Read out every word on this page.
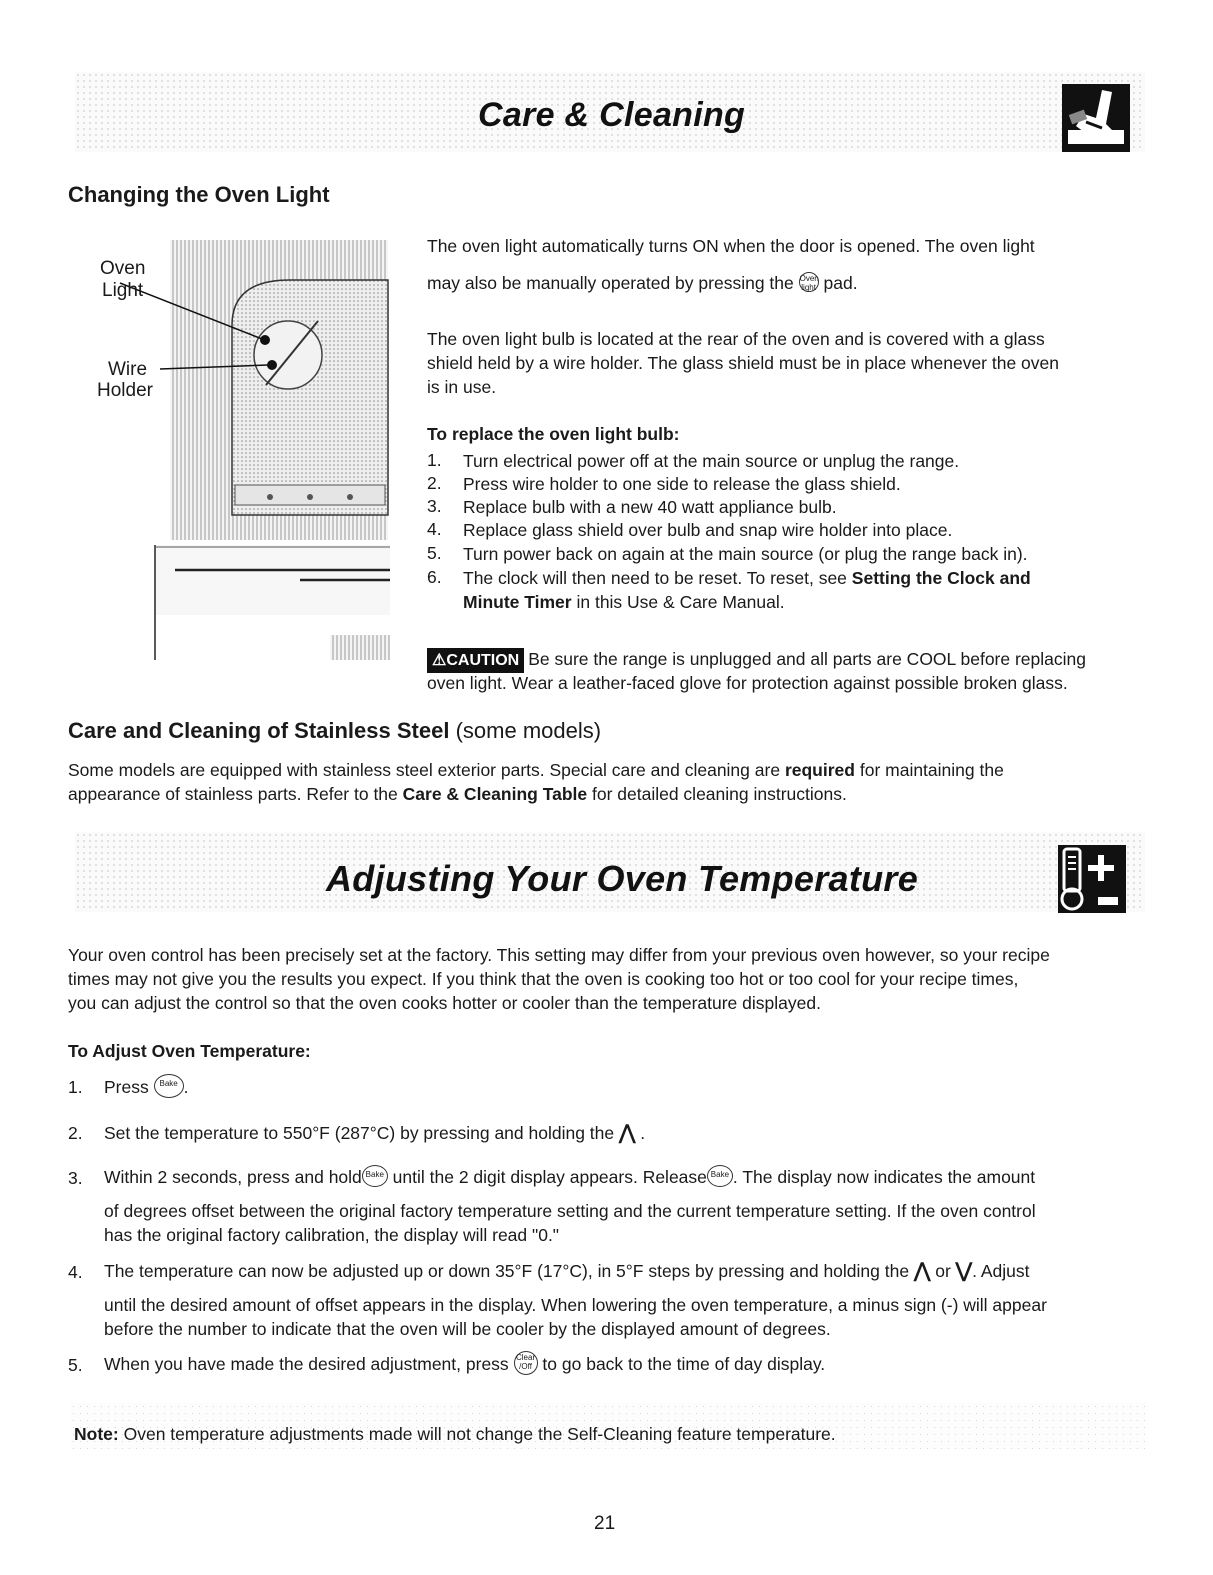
Care & Cleaning
Changing the Oven Light
Oven
Light
Wire
Holder
The oven light automatically turns ON when the door is opened. The oven light
may also be manually operated by pressing the Oven
light pad.
The oven light bulb is located at the rear of the oven and is covered with a glass
shield held by a wire holder. The glass shield must be in place whenever the oven
is in use.
To replace the oven light bulb:
1. Turn electrical power off at the main source or unplug the range.
2. Press wire holder to one side to release the glass shield.
3. Replace bulb with a new 40 watt appliance bulb.
4. Replace glass shield over bulb and snap wire holder into place.
5. Turn power back on again at the main source (or plug the range back in).
6. The clock will then need to be reset. To reset, see Setting the Clock and
Minute Timer in this Use & Care Manual.
⚠CAUTION Be sure the range is unplugged and all parts are COOL before replacing
oven light. Wear a leather-faced glove for protection against possible broken glass.
Care and Cleaning of Stainless Steel (some models)
Some models are equipped with stainless steel exterior parts. Special care and cleaning are required for maintaining the
appearance of stainless parts. Refer to the Care & Cleaning Table for detailed cleaning instructions.
Adjusting Your Oven Temperature
Your oven control has been precisely set at the factory. This setting may differ from your previous oven however, so your recipe
times may not give you the results you expect. If you think that the oven is cooking too hot or too cool for your recipe times,
you can adjust the control so that the oven cooks hotter or cooler than the temperature displayed.
To Adjust Oven Temperature:
1. Press Bake .
2. Set the temperature to 550°F (287°C) by pressing and holding the ⋀ .
3. Within 2 seconds, press and hold Bake until the 2 digit display appears. Release Bake . The display now indicates the amount
of degrees offset between the original factory temperature setting and the current temperature setting. If the oven control
has the original factory calibration, the display will read "0."
4. The temperature can now be adjusted up or down 35°F (17°C), in 5°F steps by pressing and holding the ⋀ or ⋁. Adjust
until the desired amount of offset appears in the display. When lowering the oven temperature, a minus sign (-) will appear
before the number to indicate that the oven will be cooler by the displayed amount of degrees.
5. When you have made the desired adjustment, press Clear
/Off to go back to the time of day display.
Note: Oven temperature adjustments made will not change the Self-Cleaning feature temperature.
21
